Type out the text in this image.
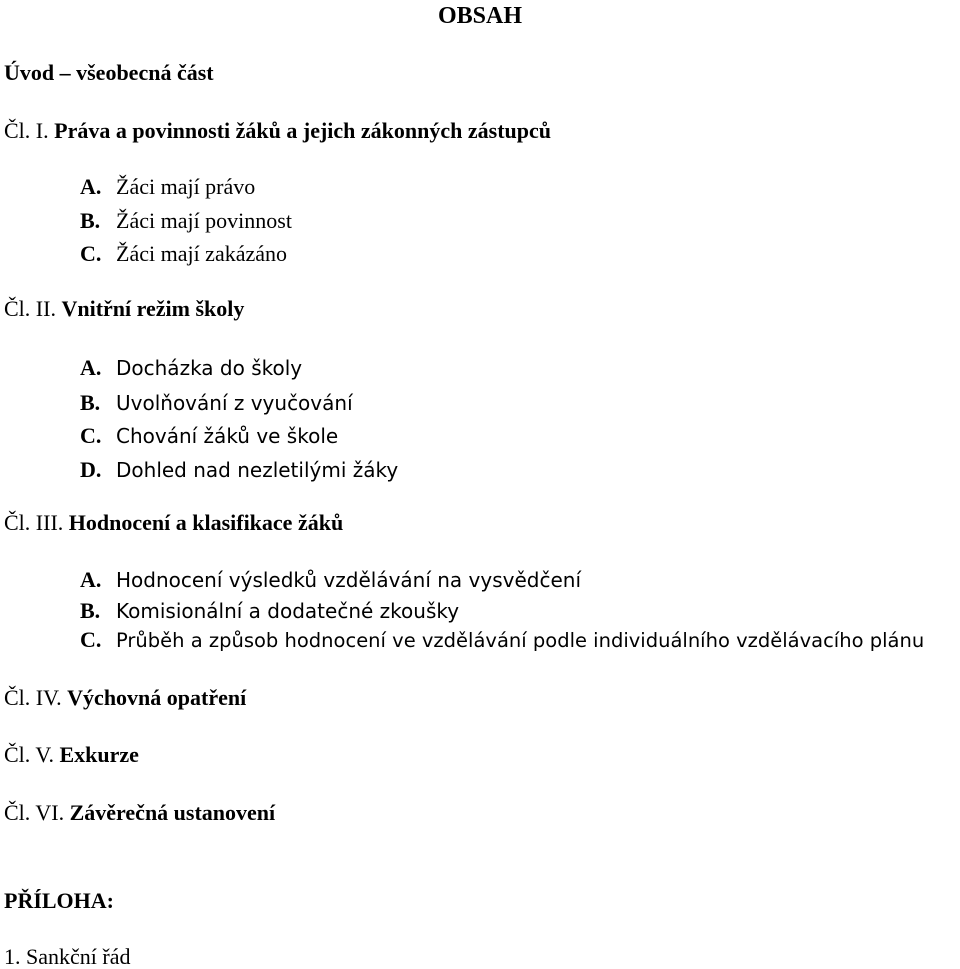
OBSAH
Úvod – všeobecná část
Čl. I. Práva a povinnosti žáků a jejich zákonných zástupců
A. Žáci mají právo
B. Žáci mají povinnost
C. Žáci mají zakázáno
Čl. II. Vnitřní režim školy
A. Docházka do školy
B. Uvolňování z vyučování
C. Chování žáků ve škole
D. Dohled nad nezletilými žáky
Čl. III. Hodnocení a klasifikace žáků
A. Hodnocení výsledků vzdělávání na vysvědčení
B. Komisionální a dodatečné zkoušky
C. Průběh a způsob hodnocení ve vzdělávání podle individuálního vzdělávacího plánu
Čl. IV. Výchovná opatření
Čl. V. Exkurze
Čl. VI. Závěrečná ustanovení
PŘÍLOHA:
1. Sankční řád
